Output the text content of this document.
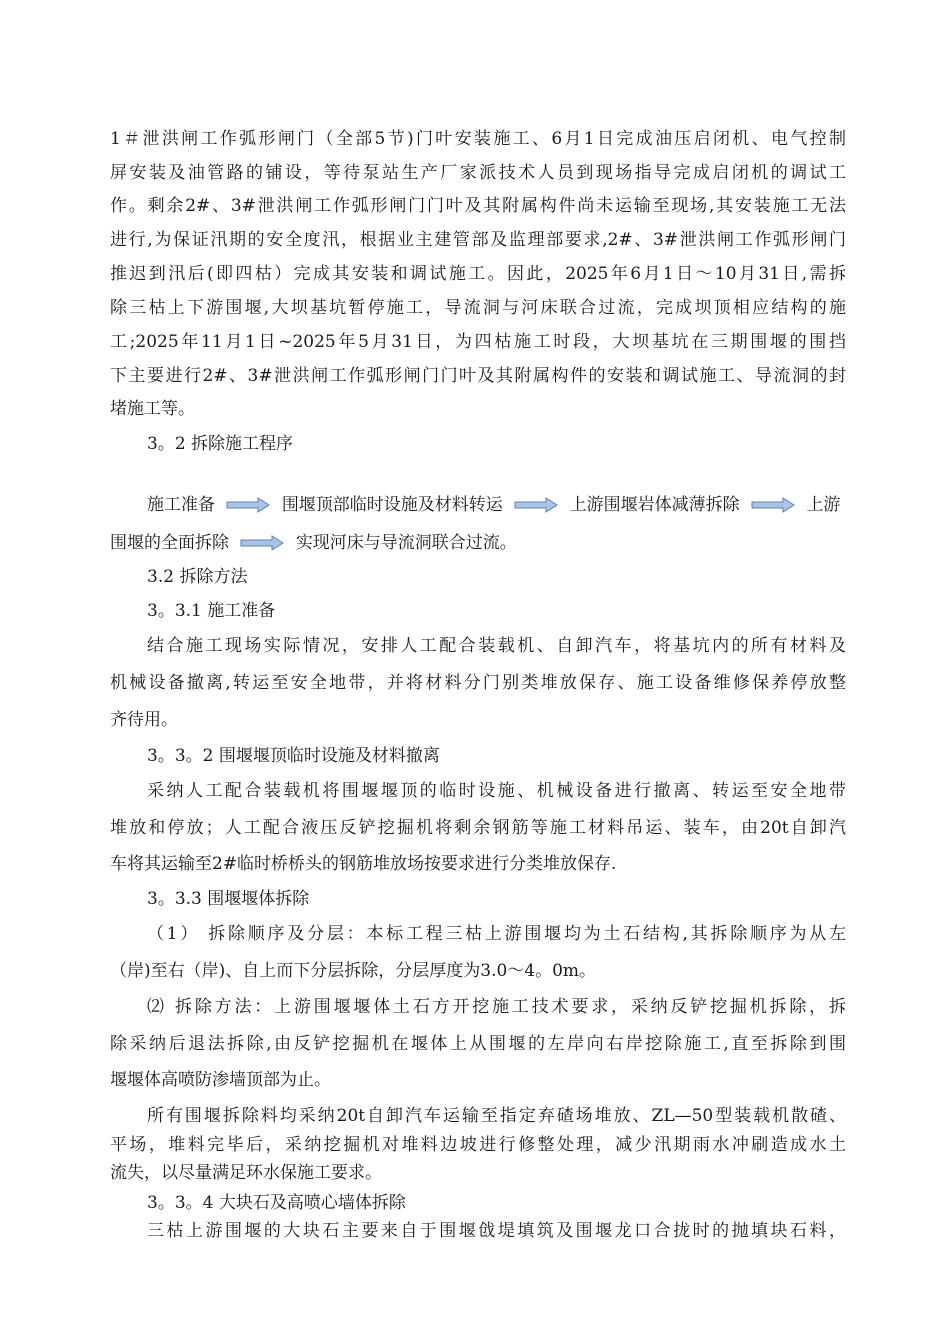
1＃泄洪闸工作弧形闸门（全部5节)门叶安装施工、6月1日完成油压启闭机、电气控制
屏安装及油管路的铺设，等待泵站生产厂家派技术人员到现场指导完成启闭机的调试工
作。剩余2#、3#泄洪闸工作弧形闸门门叶及其附属构件尚未运输至现场,其安装施工无法
进行,为保证汛期的安全度汛，根据业主建管部及监理部要求,2#、3#泄洪闸工作弧形闸门
推迟到汛后(即四枯）完成其安装和调试施工。因此，2025年6月1日～10月31日,需拆
除三枯上下游围堰,大坝基坑暂停施工，导流洞与河床联合过流，完成坝顶相应结构的施
工;2025年11月1日~2025年5月31日，为四枯施工时段，大坝基坑在三期围堰的围挡
下主要进行2#、3#泄洪闸工作弧形闸门门叶及其附属构件的安装和调试施工、导流洞的封
堵施工等。
3。2 拆除施工程序
施工准备	围堰顶部临时设施及材料转运	上游围堰岩体减薄拆除	上游
围堰的全面拆除	实现河床与导流洞联合过流。
3.2 拆除方法
3。3.1 施工准备
结合施工现场实际情况，安排人工配合装载机、自卸汽车，将基坑内的所有材料及
机械设备撤离,转运至安全地带，并将材料分门别类堆放保存、施工设备维修保养停放整
齐待用。
3。3。2 围堰堰顶临时设施及材料撤离
采纳人工配合装载机将围堰堰顶的临时设施、机械设备进行撤离、转运至安全地带
堆放和停放；人工配合液压反铲挖掘机将剩余钢筋等施工材料吊运、装车，由20t自卸汽
车将其运输至2#临时桥桥头的钢筋堆放场按要求进行分类堆放保存.
3。3.3 围堰堰体拆除
（1） 拆除顺序及分层：本标工程三枯上游围堰均为土石结构,其拆除顺序为从左
（岸)至右（岸)、自上而下分层拆除，分层厚度为3.0～4。0m。
⑵ 拆除方法：上游围堰堰体土石方开挖施工技术要求，采纳反铲挖掘机拆除，拆
除采纳后退法拆除,由反铲挖掘机在堰体上从围堰的左岸向右岸挖除施工,直至拆除到围
堰堰体高喷防渗墙顶部为止。
所有围堰拆除料均采纳20t自卸汽车运输至指定弃碴场堆放、ZL—50型装载机散碴、
平场，堆料完毕后，采纳挖掘机对堆料边坡进行修整处理，减少汛期雨水冲刷造成水土
流失，以尽量满足环水保施工要求。
3。3。4 大块石及高喷心墙体拆除
三枯上游围堰的大块石主要来自于围堰戗堤填筑及围堰龙口合拢时的抛填块石料，
